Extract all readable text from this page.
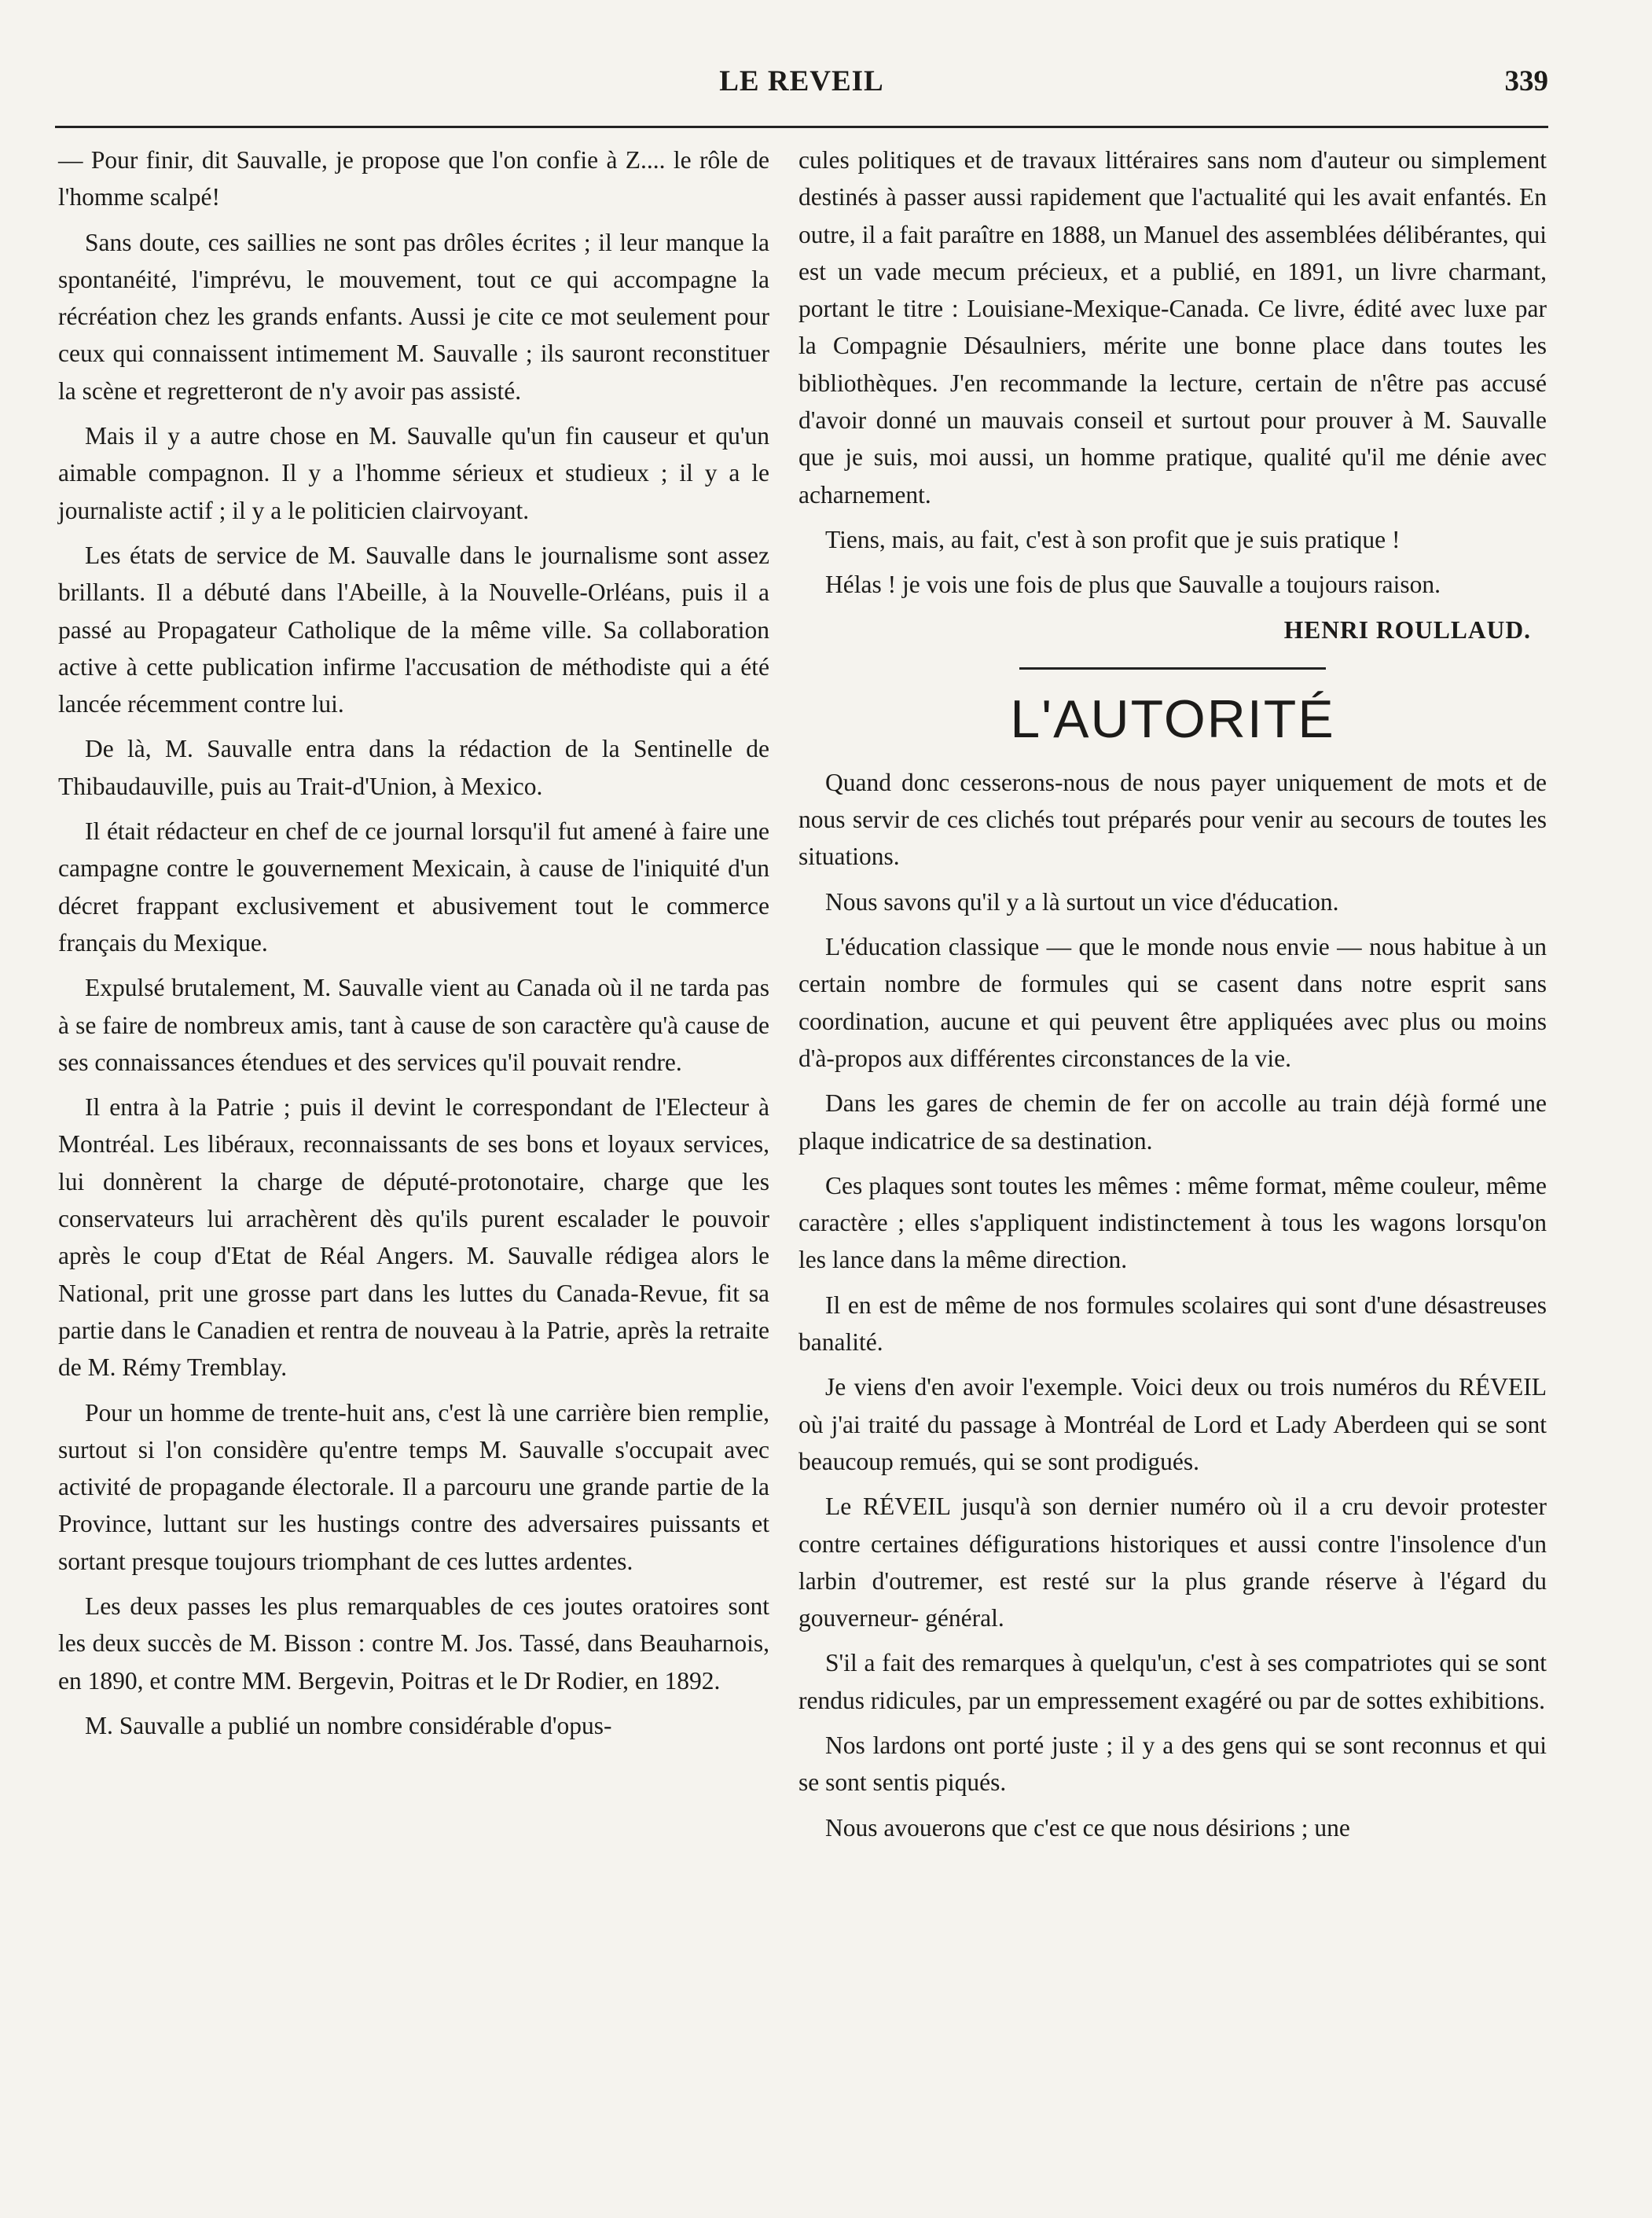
LE REVEIL	339

— Pour finir, dit Sauvalle, je propose que l'on confie à Z.... le rôle de l'homme scalpé!

Sans doute, ces saillies ne sont pas drôles écrites ; il leur manque la spontanéité, l'imprévu, le mouvement, tout ce qui accompagne la récréation chez les grands enfants. Aussi je cite ce mot seulement pour ceux qui connaissent intimement M. Sauvalle ; ils sauront reconstituer la scène et regretteront de n'y avoir pas assisté.

Mais il y a autre chose en M. Sauvalle qu'un fin causeur et qu'un aimable compagnon. Il y a l'homme sérieux et studieux ; il y a le journaliste actif ; il y a le politicien clairvoyant.

Les états de service de M. Sauvalle dans le journalisme sont assez brillants. Il a débuté dans l'Abeille, à la Nouvelle-Orléans, puis il a passé au Propagateur Catholique de la même ville. Sa collaboration active à cette publication infirme l'accusation de méthodiste qui a été lancée récemment contre lui.

De là, M. Sauvalle entra dans la rédaction de la Sentinelle de Thibaudauville, puis au Trait-d'Union, à Mexico.

Il était rédacteur en chef de ce journal lorsqu'il fut amené à faire une campagne contre le gouvernement Mexicain, à cause de l'iniquité d'un décret frappant exclusivement et abusivement tout le commerce français du Mexique.

Expulsé brutalement, M. Sauvalle vient au Canada où il ne tarda pas à se faire de nombreux amis, tant à cause de son caractère qu'à cause de ses connaissances étendues et des services qu'il pouvait rendre.

Il entra à la Patrie ; puis il devint le correspondant de l'Electeur à Montréal. Les libéraux, reconnaissants de ses bons et loyaux services, lui donnèrent la charge de député-protonotaire, charge que les conservateurs lui arrachèrent dès qu'ils purent escalader le pouvoir après le coup d'Etat de Réal Angers. M. Sauvalle rédigea alors le National, prit une grosse part dans les luttes du Canada-Revue, fit sa partie dans le Canadien et rentra de nouveau à la Patrie, après la retraite de M. Rémy Tremblay.

Pour un homme de trente-huit ans, c'est là une carrière bien remplie, surtout si l'on considère qu'entre temps M. Sauvalle s'occupait avec activité de propagande électorale. Il a parcouru une grande partie de la Province, luttant sur les hustings contre des adversaires puissants et sortant presque toujours triomphant de ces luttes ardentes.

Les deux passes les plus remarquables de ces joutes oratoires sont les deux succès de M. Bisson : contre M. Jos. Tassé, dans Beauharnois, en 1890, et contre MM. Bergevin, Poitras et le Dr Rodier, en 1892.

M. Sauvalle a publié un nombre considérable d'opus-

cules politiques et de travaux littéraires sans nom d'auteur ou simplement destinés à passer aussi rapidement que l'actualité qui les avait enfantés. En outre, il a fait paraître en 1888, un Manuel des assemblées délibérantes, qui est un vade mecum précieux, et a publié, en 1891, un livre charmant, portant le titre : Louisiane-Mexique-Canada. Ce livre, édité avec luxe par la Compagnie Désaulniers, mérite une bonne place dans toutes les bibliothèques. J'en recommande la lecture, certain de n'être pas accusé d'avoir donné un mauvais conseil et surtout pour prouver à M. Sauvalle que je suis, moi aussi, un homme pratique, qualité qu'il me dénie avec acharnement.

Tiens, mais, au fait, c'est à son profit que je suis pratique !

Hélas ! je vois une fois de plus que Sauvalle a toujours raison.

HENRI ROULLAUD.
L'AUTORITÉ

Quand donc cesserons-nous de nous payer uniquement de mots et de nous servir de ces clichés tout préparés pour venir au secours de toutes les situations.

Nous savons qu'il y a là surtout un vice d'éducation.

L'éducation classique — que le monde nous envie — nous habitue à un certain nombre de formules qui se casent dans notre esprit sans coordination, aucune et qui peuvent être appliquées avec plus ou moins d'à-propos aux différentes circonstances de la vie.

Dans les gares de chemin de fer on accolle au train déjà formé une plaque indicatrice de sa destination.

Ces plaques sont toutes les mêmes : même format, même couleur, même caractère ; elles s'appliquent indistinctement à tous les wagons lorsqu'on les lance dans la même direction.

Il en est de même de nos formules scolaires qui sont d'une désastreuses banalité.

Je viens d'en avoir l'exemple. Voici deux ou trois numéros du RÉVEIL où j'ai traité du passage à Montréal de Lord et Lady Aberdeen qui se sont beaucoup remués, qui se sont prodigués.

Le RÉVEIL jusqu'à son dernier numéro où il a cru devoir protester contre certaines défigurations historiques et aussi contre l'insolence d'un larbin d'outremer, est resté sur la plus grande réserve à l'égard du gouverneur- général.

S'il a fait des remarques à quelqu'un, c'est à ses compatriotes qui se sont rendus ridicules, par un empressement exagéré ou par de sottes exhibitions.

Nos lardons ont porté juste ; il y a des gens qui se sont reconnus et qui se sont sentis piqués.

Nous avouerons que c'est ce que nous désirions ; une
